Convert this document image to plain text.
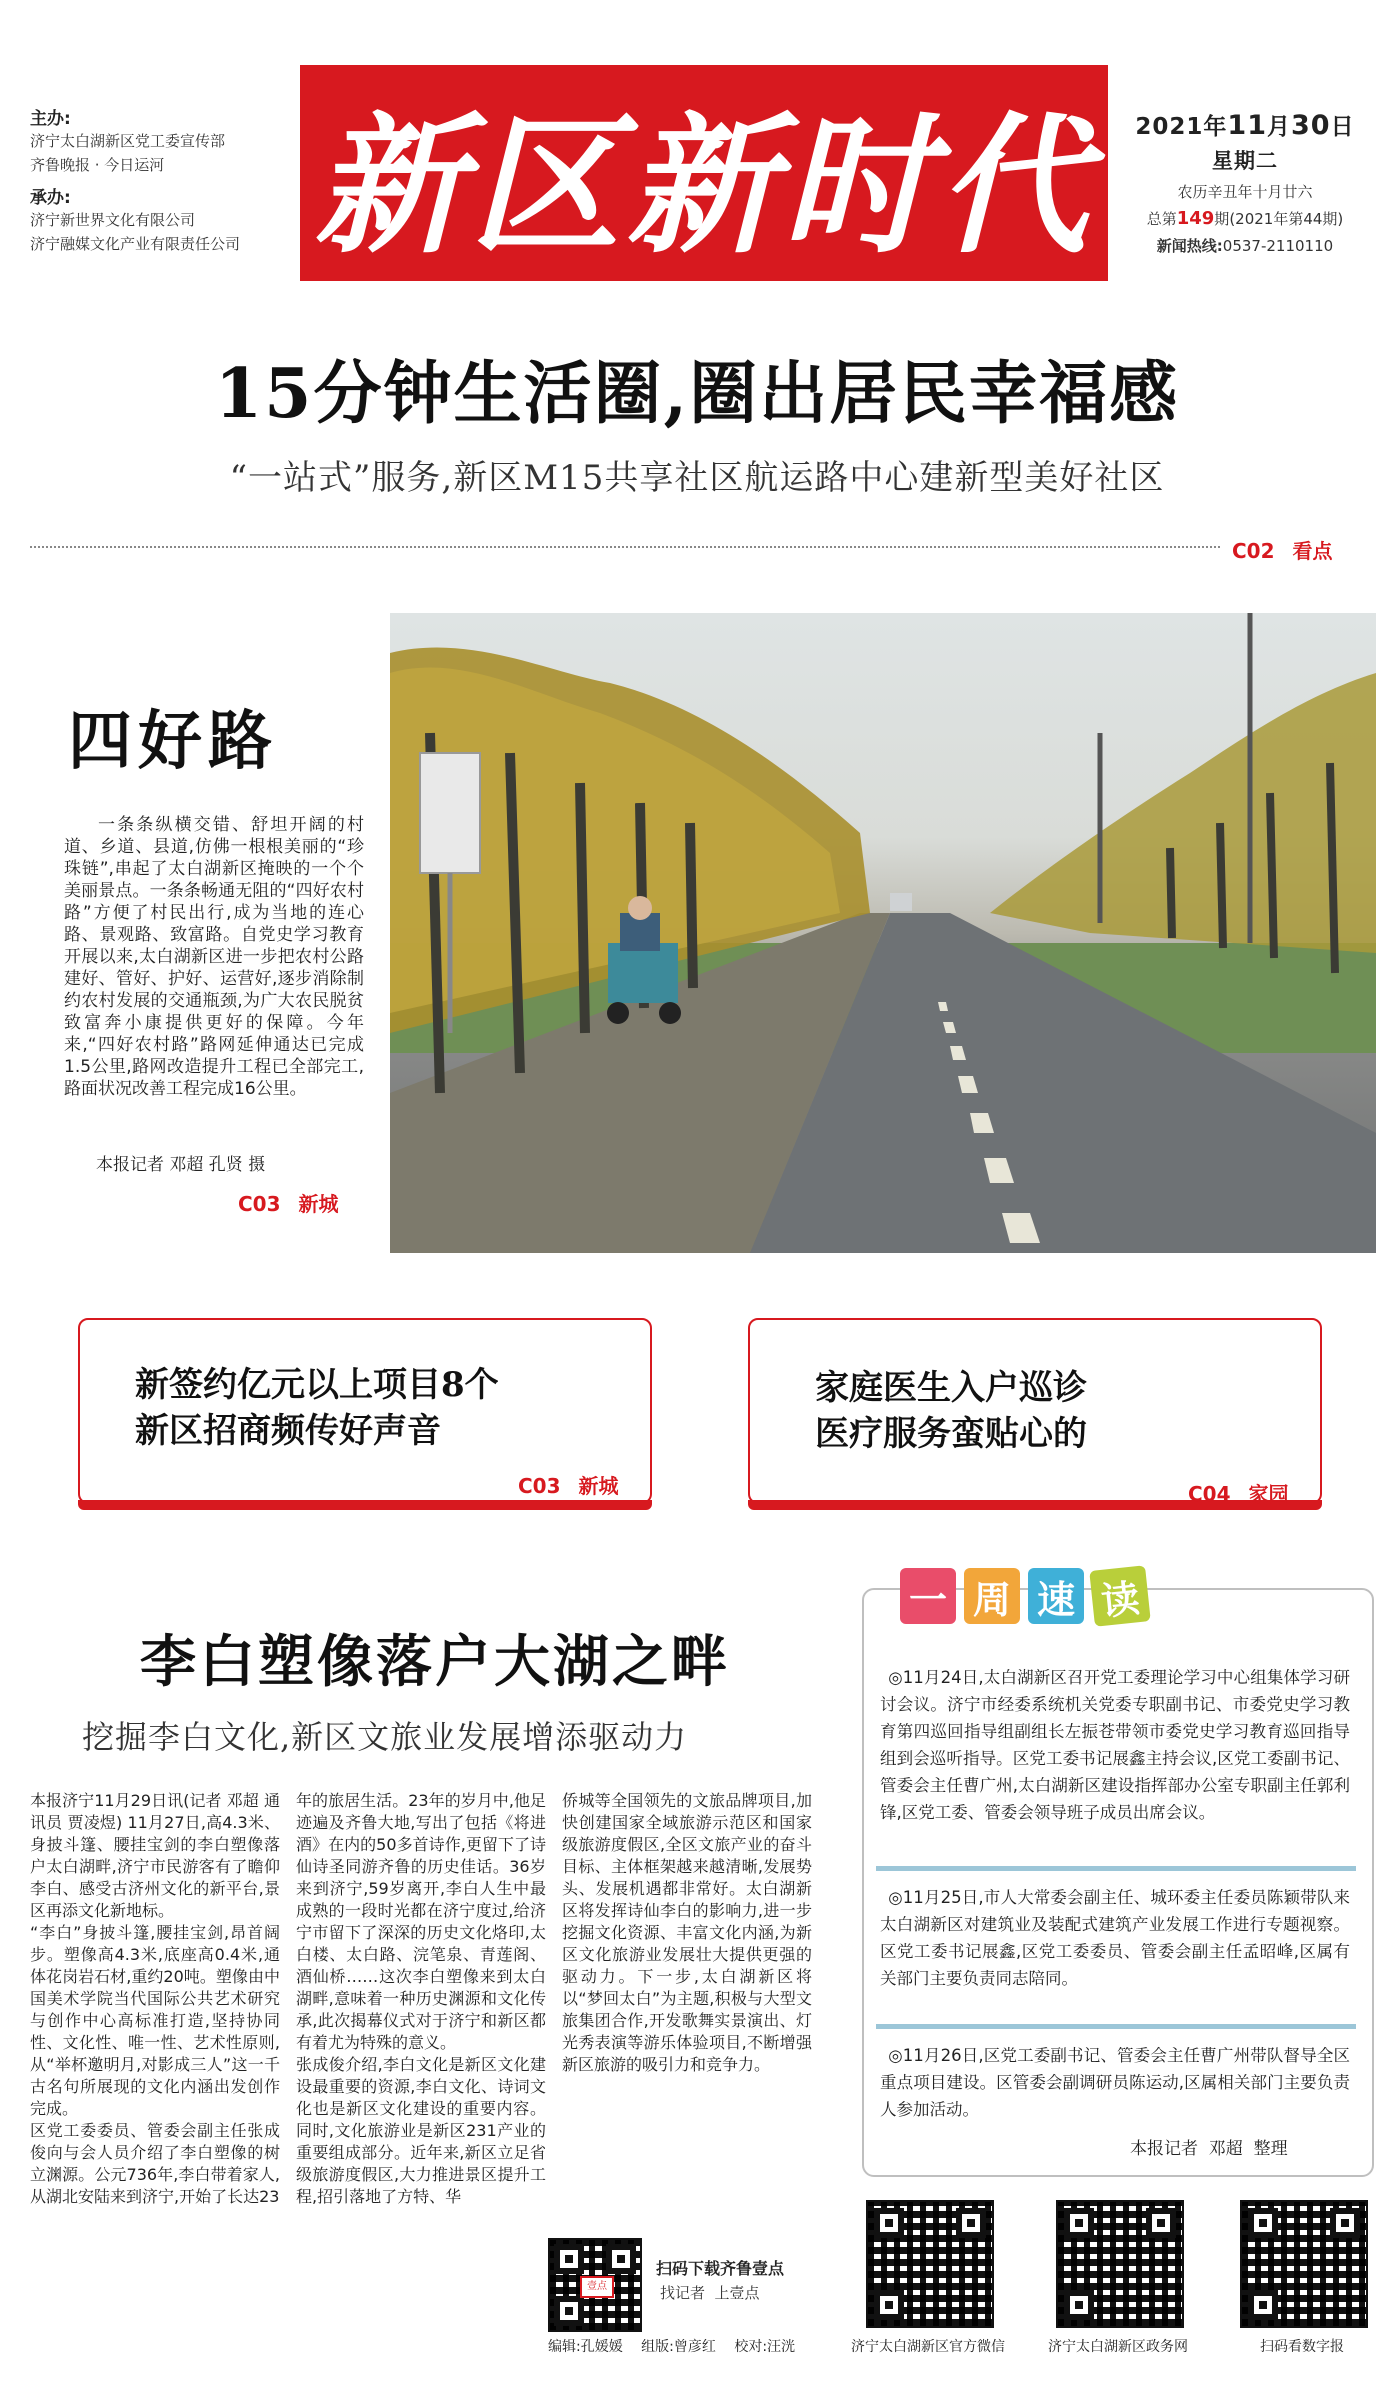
主办:
济宁太白湖新区党工委宣传部
齐鲁晚报 · 今日运河
承办:
济宁新世界文化有限公司
济宁融媒文化产业有限责任公司 新区新时代	2021年11月30日
星期二
农历辛丑年十月廿六
总第149期(2021年第44期)
新闻热线:0537-2110110
15分钟生活圈,圈出居民幸福感
“一站式”服务,新区M15共享社区航运路中心建新型美好社区
C02 看点
四好路
一条条纵横交错、舒坦开阔的村道、乡道、县道,仿佛一根根美丽的“珍珠链”,串起了太白湖新区掩映的一个个美丽景点。一条条畅通无阻的“四好农村路”方便了村民出行,成为当地的连心路、景观路、致富路。自党史学习教育开展以来,太白湖新区进一步把农村公路建好、管好、护好、运营好,逐步消除制约农村发展的交通瓶颈,为广大农民脱贫致富奔小康提供更好的保障。今年来,“四好农村路”路网延伸通达已完成1.5公里,路网改造提升工程已全部完工,路面状况改善工程完成16公里。
本报记者 邓超 孔贤 摄
C03 新城
新签约亿元以上项目8个
新区招商频传好声音
C03 新城
家庭医生入户巡诊
医疗服务蛮贴心的
C04 家园
李白塑像落户大湖之畔
挖掘李白文化,新区文旅业发展增添驱动力
本报济宁11月29日讯(记者 邓超 通讯员 贾凌煜) 11月27日,高4.3米、身披斗篷、腰挂宝剑的李白塑像落户太白湖畔,济宁市民游客有了瞻仰李白、感受古济州文化的新平台,景区再添文化新地标。
“李白”身披斗篷,腰挂宝剑,昂首阔步。塑像高4.3米,底座高0.4米,通体花岗岩石材,重约20吨。塑像由中国美术学院当代国际公共艺术研究与创作中心高标准打造,坚持协同性、文化性、唯一性、艺术性原则,从“举杯邀明月,对影成三人”这一千古名句所展现的文化内涵出发创作完成。
区党工委委员、管委会副主任张成俊向与会人员介绍了李白塑像的树立渊源。公元736年,李白带着家人,从湖北安陆来到济宁,开始了长达23
年的旅居生活。23年的岁月中,他足迹遍及齐鲁大地,写出了包括《将进酒》在内的50多首诗作,更留下了诗仙诗圣同游齐鲁的历史佳话。36岁来到济宁,59岁离开,李白人生中最成熟的一段时光都在济宁度过,给济宁市留下了深深的历史文化烙印,太白楼、太白路、浣笔泉、青莲阁、酒仙桥……这次李白塑像来到太白湖畔,意味着一种历史渊源和文化传承,此次揭幕仪式对于济宁和新区都有着尤为特殊的意义。
张成俊介绍,李白文化是新区文化建设最重要的资源,李白文化、诗词文化也是新区文化建设的重要内容。同时,文化旅游业是新区231产业的重要组成部分。近年来,新区立足省级旅游度假区,大力推进景区提升工程,招引落地了方特、华
侨城等全国领先的文旅品牌项目,加快创建国家全域旅游示范区和国家级旅游度假区,全区文旅产业的奋斗目标、主体框架越来越清晰,发展势头、发展机遇都非常好。太白湖新区将发挥诗仙李白的影响力,进一步挖掘文化资源、丰富文化内涵,为新区文化旅游业发展壮大提供更强的驱动力。下一步,太白湖新区将以“梦回太白”为主题,积极与大型文旅集团合作,开发歌舞实景演出、灯光秀表演等游乐体验项目,不断增强新区旅游的吸引力和竞争力。
壹点
扫码下载齐鲁壹点
找记者  上壹点
编辑:孔媛媛 组版:曾彦红 校对:汪洸
一 周 速 读
◎11月24日,太白湖新区召开党工委理论学习中心组集体学习研讨会议。济宁市经委系统机关党委专职副书记、市委党史学习教育第四巡回指导组副组长左振苍带领市委党史学习教育巡回指导组到会巡听指导。区党工委书记展鑫主持会议,区党工委副书记、管委会主任曹广州,太白湖新区建设指挥部办公室专职副主任郭利锋,区党工委、管委会领导班子成员出席会议。
◎11月25日,市人大常委会副主任、城环委主任委员陈颖带队来太白湖新区对建筑业及装配式建筑产业发展工作进行专题视察。区党工委书记展鑫,区党工委委员、管委会副主任孟昭峰,区属有关部门主要负责同志陪同。
◎11月26日,区党工委副书记、管委会主任曹广州带队督导全区重点项目建设。区管委会副调研员陈运动,区属相关部门主要负责人参加活动。
本报记者  邓超  整理
济宁太白湖新区官方微信	济宁太白湖新区政务网	扫码看数字报
